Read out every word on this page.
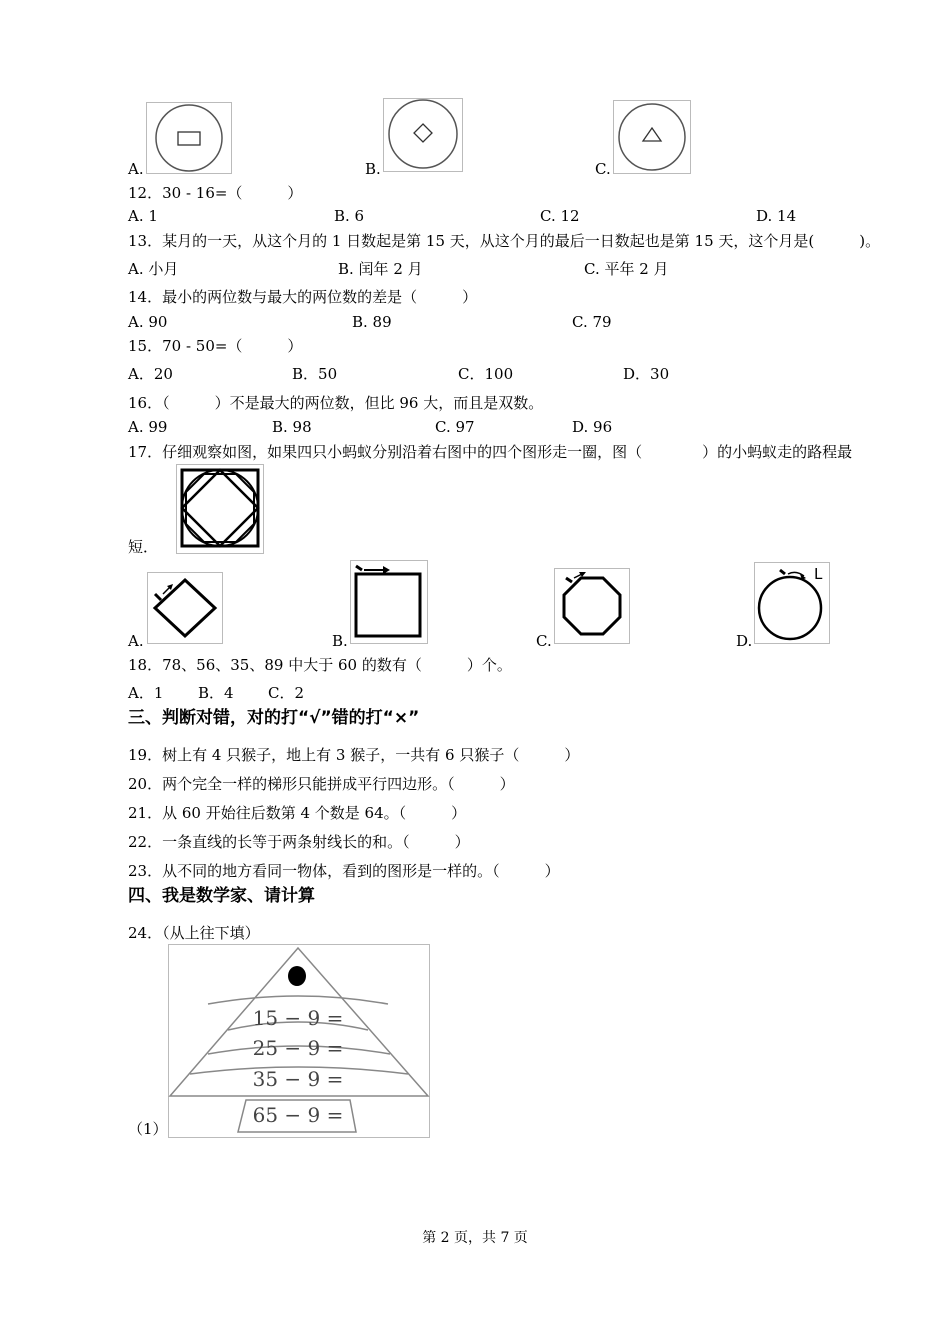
A.	B.	C.
12．30 - 16=（　　　）
A. 1	B. 6	C. 12	D. 14
13．某月的一天，从这个月的 1 日数起是第 15 天，从这个月的最后一日数起也是第 15 天，这个月是(　　　)。
A. 小月	B. 闰年 2 月	C. 平年 2 月
14．最小的两位数与最大的两位数的差是（　　　）
A. 90	B. 89	C. 79
15．70 - 50=（　　　）
A．20	B．50	C．100	D．30
16．（　　　）不是最大的两位数，但比 96 大，而且是双数。
A. 99	B. 98	C. 97	D. 96
17．仔细观察如图，如果四只小蚂蚁分别沿着右图中的四个图形走一圈，图（　　　　）的小蚂蚁走的路程最
短．
A.	B.	C.	D.
L
18．78、56、35、89 中大于 60 的数有（　　　）个。
A．1 B．4 C．2
三、判断对错，对的打“√”错的打“×”
19．树上有 4 只猴子，地上有 3 猴子，一共有 6 只猴子（　　　）
20．两个完全一样的梯形只能拼成平行四边形。（　　　）
21．从 60 开始往后数第 4 个数是 64。（　　　）
22．一条直线的长等于两条射线长的和。（　　　）
23．从不同的地方看同一物体，看到的图形是一样的。（　　　）
四、我是数学家、请计算
24．（从上往下填）
（1）
15 − 9 =
25 − 9 =
35 − 9 =
65 − 9 =
第 2 页，共 7 页
